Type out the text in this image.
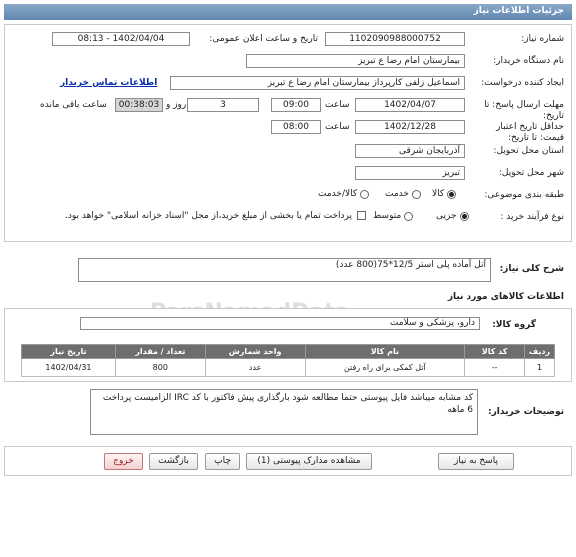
جزئیات اطلاعات نیاز
شماره نیاز:
1102090988000752
تاریخ و ساعت اعلان عمومی:
1402/04/04 - 08:13
نام دستگاه خریدار:
بیمارستان امام رضا ع تبریز
ایجاد کننده درخواست:
اسماعیل زلفی کارپرداز بیمارستان امام رضا ع تبریز
اطلاعات تماس خریدار
مهلت ارسال پاسخ: تا تاریخ:
1402/04/07
ساعت
09:00
3
روز و
00:38:03
ساعت باقی مانده
حداقل تاریخ اعتبار قیمت: تا تاریخ:
1402/12/28
ساعت
08:00
استان محل تحویل:
آذربایجان شرقی
شهر محل تحویل:
تبریز
طبقه بندی موضوعی:
کالا
خدمت
کالا/خدمت
نوع فرآیند خرید :
جزیی
متوسط
پرداخت تمام یا بخشی از مبلغ خرید،از محل "اسناد خزانه اسلامی" خواهد بود.
شرح کلی نیاز:
آتل آماده پلی استر 12/5*75(800 عدد)
اطلاعات کالاهای مورد نیاز
گروه کالا:
دارو، پزشکی و سلامت
ردیف	کد کالا	نام کالا	واحد شمارش	تعداد / مقدار	تاریخ نیاز
1	--	آتل کمکی برای راه رفتن	عدد	800	1402/04/31
توضیحات خریدار:
کد مشابه میباشد فایل پیوستی حتما مطالعه شود بارگذاری پیش فاکتور با کد IRC الزامیست پرداخت 6 ماهه
پاسخ به نیاز
مشاهده مدارک پیوستی (1)
چاپ
بازگشت
خروج
